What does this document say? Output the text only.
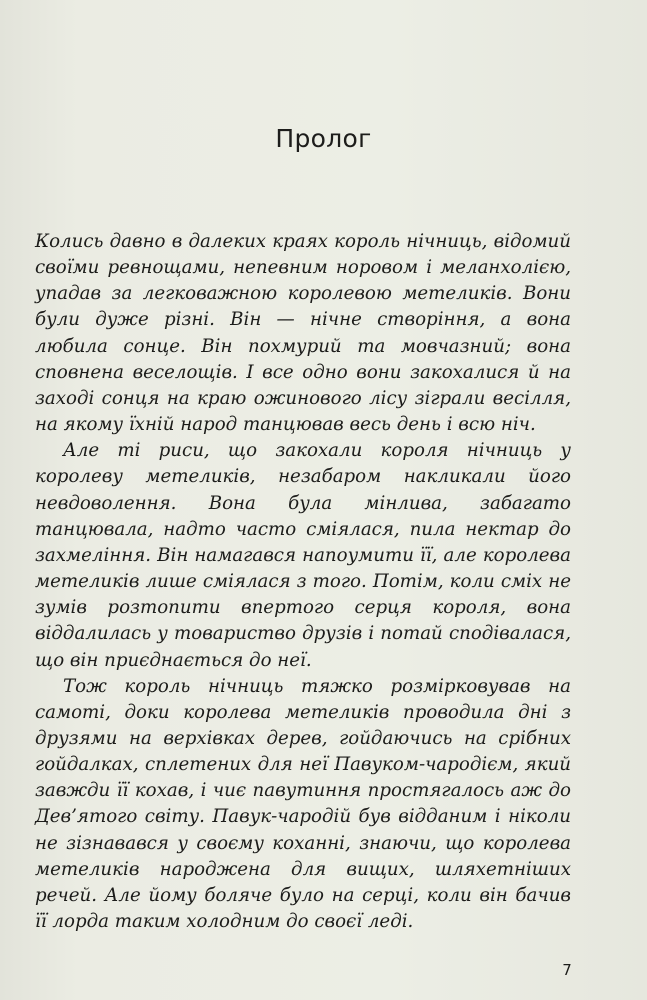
Пролог

Колись давно в далеких краях король нічниць, відомий своїми ревнощами, непевним норовом і меланхолією, упадав за легковажною королевою метеликів. Вони були дуже різні. Він — нічне створіння, а вона любила сонце. Він похмурий та мовчазний; вона сповнена веселощів. І все одно вони закохалися й на заході сонця на краю ожинового лісу зіграли весілля, на якому їхній народ танцював весь день і всю ніч.

Але ті риси, що закохали короля нічниць у королеву метеликів, незабаром накликали його невдоволення. Вона була мінлива, забагато танцювала, надто часто сміялася, пила нектар до захмеління. Він намагався напоумити її, але королева метеликів лише сміялася з того. Потім, коли сміх не зумів розтопити впертого серця короля, вона віддалилась у товариство друзів і потай сподівалася, що він приєднається до неї.

Тож король нічниць тяжко розмірковував на самоті, доки королева метеликів проводила дні з друзями на верхівках дерев, гойдаючись на срібних гойдалках, сплетених для неї Павуком-чародієм, який завжди її кохав, і чиє павутиння простягалось аж до Дев’ятого світу. Павук-чародій був відданим і ніколи не зізнавався у своєму коханні, знаючи, що королева метеликів народжена для вищих, шляхетніших речей. Але йому боляче було на серці, коли він бачив її лорда таким холодним до своєї леді.

7
